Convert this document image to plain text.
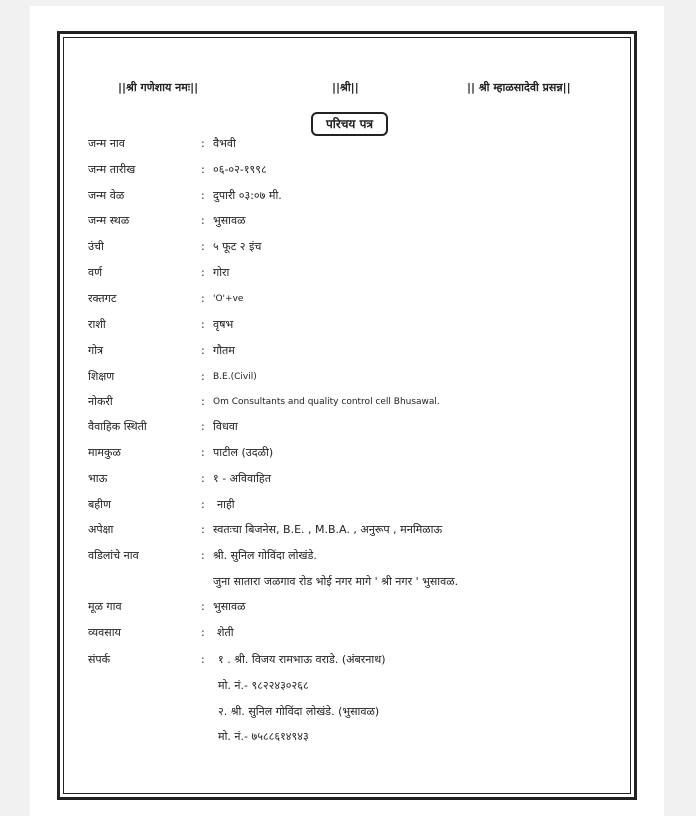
||श्री गणेशाय नमः||	||श्री||	|| श्री म्हाळसादेवी प्रसन्न||
परिचय पत्र
जन्म नाव	: वैभवी
जन्म तारीख	: ०६-०२-१९९८
जन्म वेळ	: दुपारी ०३:०७ मी.
जन्म स्थळ	: भुसावळ
उंची	: ५ फूट २ इंच
वर्ण	: गोरा
रक्तगट	: 'O'+ve
राशी	: वृषभ
गोत्र	: गौतम
शिक्षण	: B.E.(Civil)
नोकरी	: Om Consultants and quality control cell Bhusawal.
वैवाहिक स्थिती	: विधवा
मामकुळ	: पाटील (उदळी)
भाऊ	: १ - अविवाहित
बहीण	: नाही
अपेक्षा	: स्वतःचा बिजनेस, B.E. , M.B.A. , अनुरूप , मनमिळाऊ
वडिलांचे नाव	: श्री. सुनिल गोविंदा लोखंडे.
जुना सातारा जळगाव रोड भोई नगर मागे ' श्री नगर ' भुसावळ.
मूळ गाव	: भुसावळ
व्यवसाय	: शेती
संपर्क	: १ . श्री. विजय रामभाऊ वराडे. (अंबरनाथ)
मो. नं.- ९८२२४३०२६८
२. श्री. सुनिल गोविंदा लोखंडे. (भुसावळ)
मो. नं.- ७५८८६१४९४३
